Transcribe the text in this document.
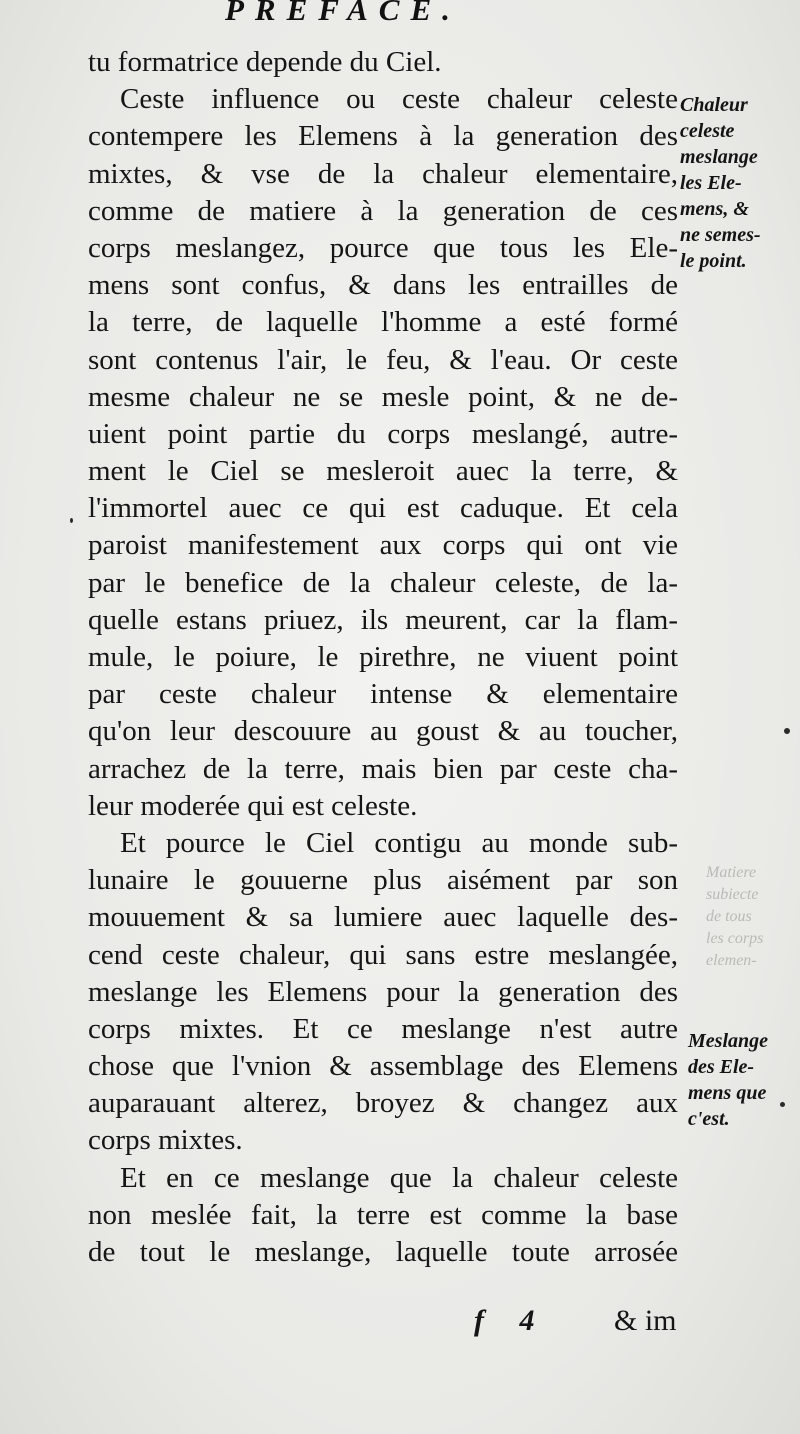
PREFACE.
tu formatrice depende du Ciel.
Ceste influence ou ceste chaleur celeste
contempere les Elemens à la generation des
mixtes, & vse de la chaleur elementaire,
comme de matiere à la generation de ces
corps meslangez, pource que tous les Ele-
mens sont confus, & dans les entrailles de
la terre, de laquelle l'homme a esté formé
sont contenus l'air, le feu, & l'eau. Or ceste
mesme chaleur ne se mesle point, & ne de-
uient point partie du corps meslangé, autre-
ment le Ciel se mesleroit auec la terre, &
l'immortel auec ce qui est caduque. Et cela
paroist manifestement aux corps qui ont vie
par le benefice de la chaleur celeste, de la-
quelle estans priuez, ils meurent, car la flam-
mule, le poiure, le pirethre, ne viuent point
par ceste chaleur intense & elementaire
qu'on leur descouure au goust & au toucher,
arrachez de la terre, mais bien par ceste cha-
leur moderée qui est celeste.
Et pource le Ciel contigu au monde sub-
lunaire le gouuerne plus aisément par son
mouuement & sa lumiere auec laquelle des-
cend ceste chaleur, qui sans estre meslangée,
meslange les Elemens pour la generation des
corps mixtes. Et ce meslange n'est autre
chose que l'vnion & assemblage des Elemens
auparauant alterez, broyez & changez aux
corps mixtes.
Et en ce meslange que la chaleur celeste
non meslée fait, la terre est comme la base
de tout le meslange, laquelle toute arrosée
Chaleur
celeste
meslange
les Ele-
mens, &
ne semes-
le point.
Meslange
des Ele-
mens que
c'est.
Matiere
subiecte
de tous
les corps
elemen-
f 4 & im
